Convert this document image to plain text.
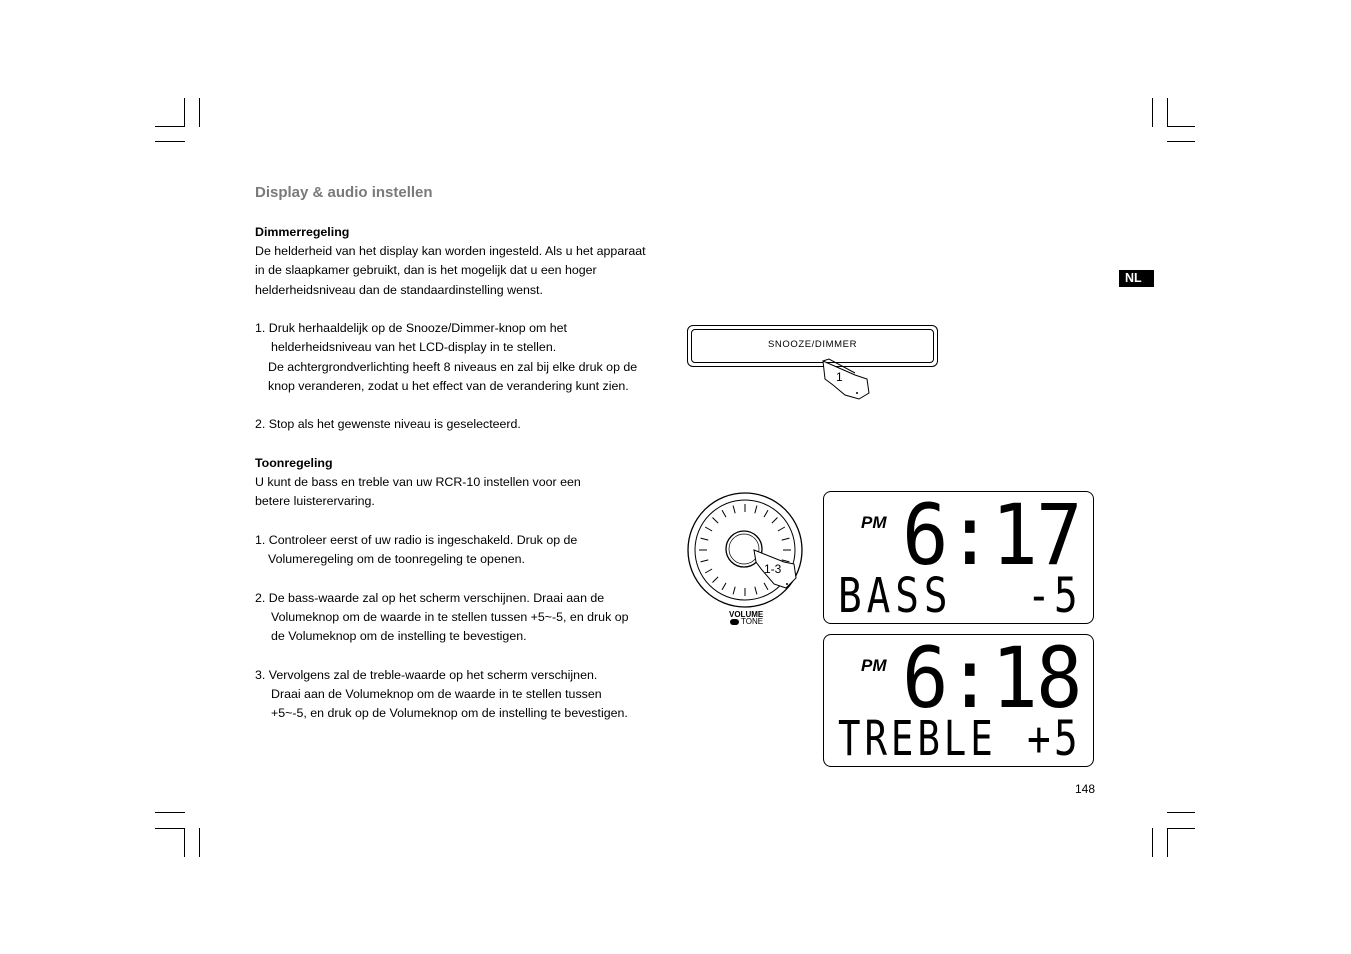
Display & audio instellen
NL
Dimmerregeling
De helderheid van het display kan worden ingesteld. Als u het apparaat
in de slaapkamer gebruikt, dan is het mogelijk dat u een hoger
helderheidsniveau dan de standaardinstelling wenst.
1. Druk herhaaldelijk op de Snooze/Dimmer-knop om het
helderheidsniveau van het LCD-display in te stellen.
De achtergrondverlichting heeft 8 niveaus en zal bij elke druk op de
knop veranderen, zodat u het effect van de verandering kunt zien.
2. Stop als het gewenste niveau is geselecteerd.
Toonregeling
U kunt de bass en treble van uw RCR-10 instellen voor een
betere luisterervaring.
1. Controleer eerst of uw radio is ingeschakeld. Druk op de
Volumeregeling om de toonregeling te openen.
2. De bass-waarde zal op het scherm verschijnen. Draai aan de
Volumeknop om de waarde in te stellen tussen +5~-5, en druk op
de Volumeknop om de instelling te bevestigen.
3. Vervolgens zal de treble-waarde op het scherm verschijnen.
Draai aan de Volumeknop om de waarde in te stellen tussen
+5~-5, en druk op de Volumeknop om de instelling te bevestigen.
SNOOZE/DIMMER
1
1-3
VOLUME
TONE
PM 6:17
BASS -5
PM 6:18
TREBLE +5
148
